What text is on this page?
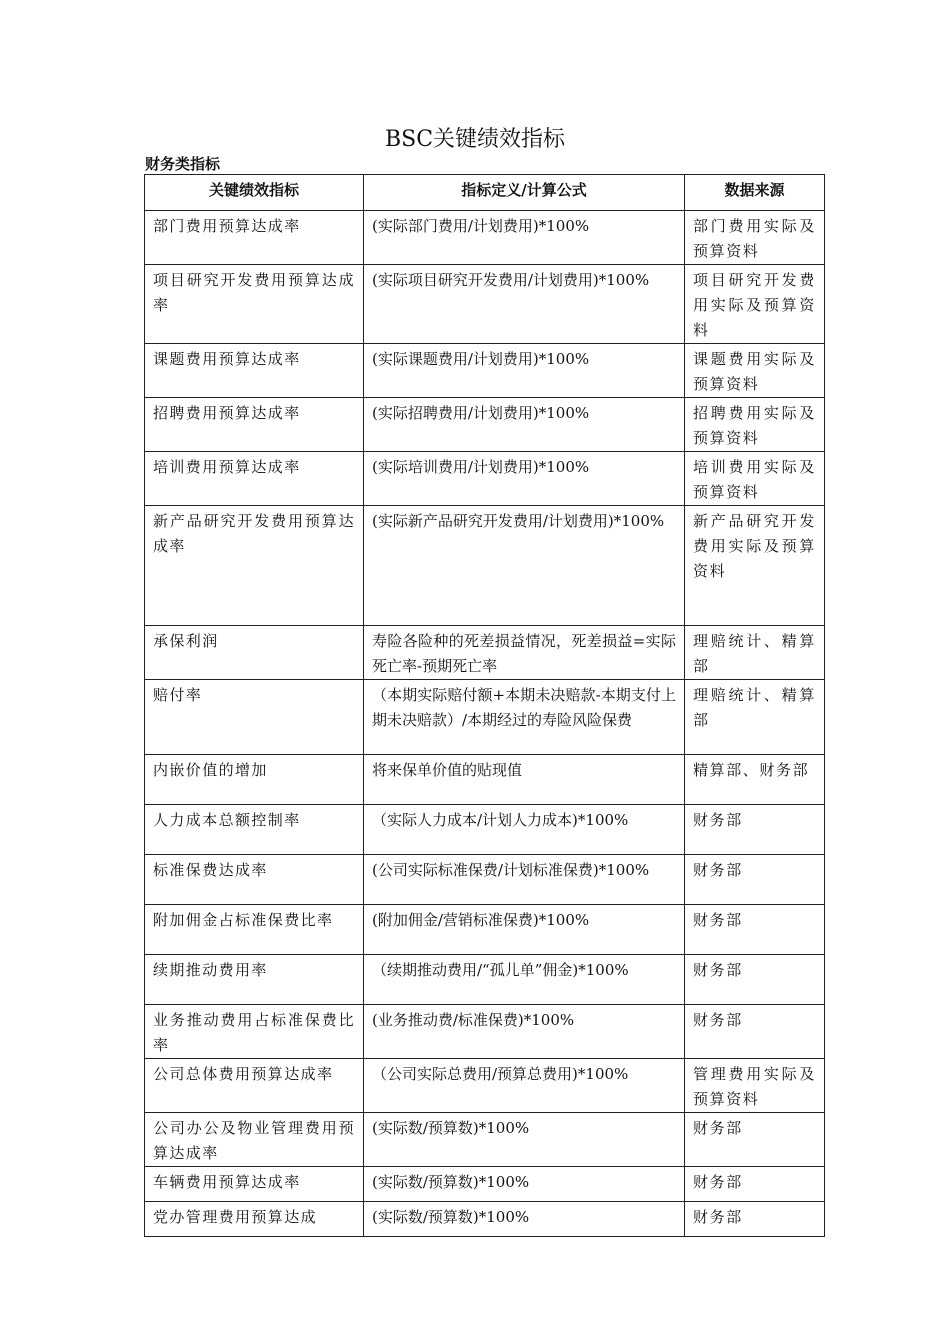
BSC关键绩效指标
财务类指标
关键绩效指标	指标定义/计算公式	数据来源
部门费用预算达成率	(实际部门费用/计划费用)*100%	部门费用实际及预算资料
项目研究开发费用预算达成率	(实际项目研究开发费用/计划费用)*100%	项目研究开发费用实际及预算资料
课题费用预算达成率	(实际课题费用/计划费用)*100%	课题费用实际及预算资料
招聘费用预算达成率	(实际招聘费用/计划费用)*100%	招聘费用实际及预算资料
培训费用预算达成率	(实际培训费用/计划费用)*100%	培训费用实际及预算资料
新产品研究开发费用预算达成率	(实际新产品研究开发费用/计划费用)*100%	新产品研究开发费用实际及预算资料
承保利润	寿险各险种的死差损益情况，死差损益=实际死亡率-预期死亡率	理赔统计、精算部
赔付率	（本期实际赔付额+本期未决赔款-本期支付上期未决赔款）/本期经过的寿险风险保费	理赔统计、精算部
内嵌价值的增加	将来保单价值的贴现值	精算部、财务部
人力成本总额控制率	（实际人力成本/计划人力成本)*100%	财务部
标准保费达成率	(公司实际标准保费/计划标准保费)*100%	财务部
附加佣金占标准保费比率	(附加佣金/营销标准保费)*100%	财务部
续期推动费用率	（续期推动费用/“孤儿单”佣金)*100%	财务部
业务推动费用占标准保费比率	(业务推动费/标准保费)*100%	财务部
公司总体费用预算达成率	（公司实际总费用/预算总费用)*100%	管理费用实际及预算资料
公司办公及物业管理费用预算达成率	(实际数/预算数)*100%	财务部
车辆费用预算达成率	(实际数/预算数)*100%	财务部
党办管理费用预算达成	(实际数/预算数)*100%	财务部
